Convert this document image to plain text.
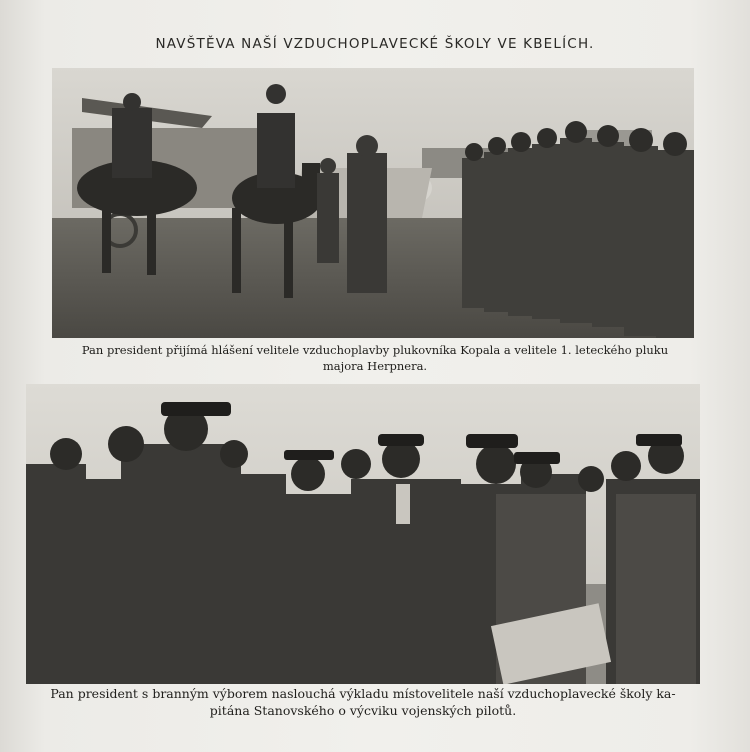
NAVŠTĚVA NAŠÍ VZDUCHOPLAVECKÉ ŠKOLY VE KBELÍCH.
Pan president přijímá hlášení velitele vzduchoplavby plukovníka Kopala a velitele 1. leteckého pluku
majora Herpnera.
Pan president s branným výborem naslouchá výkladu místovelitele naší vzduchoplavecké školy ka-
pitána Stanovského o výcviku vojenských pilotů.
